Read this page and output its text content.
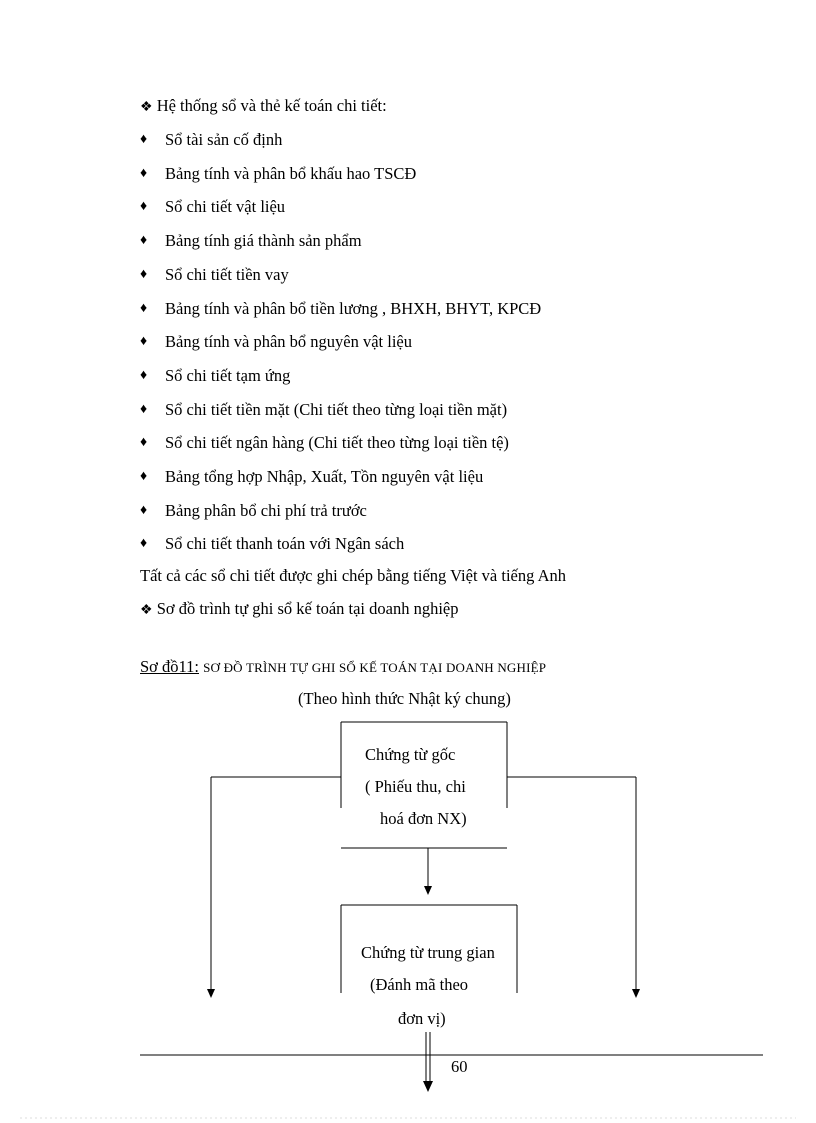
❖ Hệ thống sổ và thẻ kế toán chi tiết:
♦ Sổ tài sản cố định
♦ Bảng tính và phân bổ khấu hao TSCĐ
♦ Sổ chi tiết vật liệu
♦ Bảng tính giá thành sản phẩm
♦ Sổ chi tiết tiền vay
♦ Bảng tính và phân bổ tiền lương , BHXH, BHYT, KPCĐ
♦ Bảng tính và phân bổ nguyên vật liệu
♦ Sổ chi tiết tạm ứng
♦ Sổ chi tiết tiền mặt (Chi tiết theo từng loại tiền mặt)
♦ Sổ chi tiết ngân hàng (Chi tiết theo từng loại tiền tệ)
♦ Bảng tổng hợp Nhập, Xuất, Tồn nguyên vật liệu
♦ Bảng phân bổ chi phí trả trước
♦ Sổ chi tiết thanh toán với Ngân sách
Tất cả các sổ chi tiết được ghi chép bằng tiếng Việt và tiếng Anh
❖ Sơ đồ trình tự ghi sổ kế toán tại doanh nghiệp
Sơ đồ11: SƠ ĐỒ TRÌNH TỰ GHI SỔ KẾ TOÁN TẠI DOANH NGHIỆP
(Theo hình thức Nhật ký chung)
Chứng từ gốc
( Phiếu thu, chi
hoá đơn NX)
Chứng từ trung gian
(Đánh mã theo
đơn vị)
60
